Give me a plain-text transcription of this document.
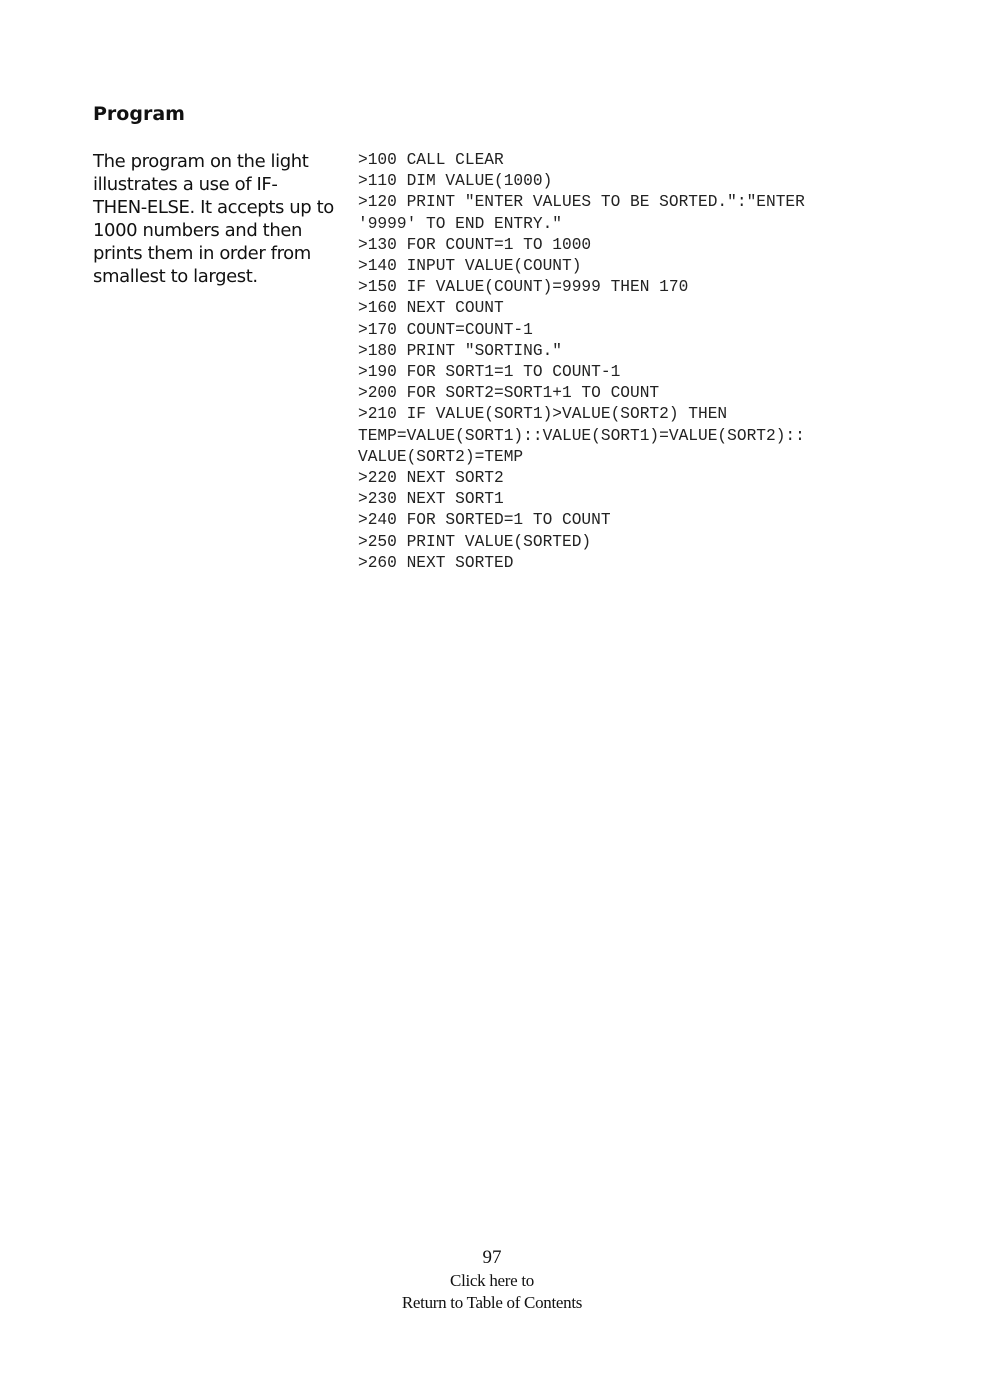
Program
The program on the light
illustrates a use of IF-
THEN-ELSE. It accepts up to
1000 numbers and then
prints them in order from
smallest to largest.
>100 CALL CLEAR
>110 DIM VALUE(1000)
>120 PRINT "ENTER VALUES TO BE SORTED.":"ENTER
'9999' TO END ENTRY."
>130 FOR COUNT=1 TO 1000
>140 INPUT VALUE(COUNT)
>150 IF VALUE(COUNT)=9999 THEN 170
>160 NEXT COUNT
>170 COUNT=COUNT-1
>180 PRINT "SORTING."
>190 FOR SORT1=1 TO COUNT-1
>200 FOR SORT2=SORT1+1 TO COUNT
>210 IF VALUE(SORT1)>VALUE(SORT2) THEN
TEMP=VALUE(SORT1)::VALUE(SORT1)=VALUE(SORT2)::
VALUE(SORT2)=TEMP
>220 NEXT SORT2
>230 NEXT SORT1
>240 FOR SORTED=1 TO COUNT
>250 PRINT VALUE(SORTED)
>260 NEXT SORTED
97
Click here to
Return to Table of Contents
